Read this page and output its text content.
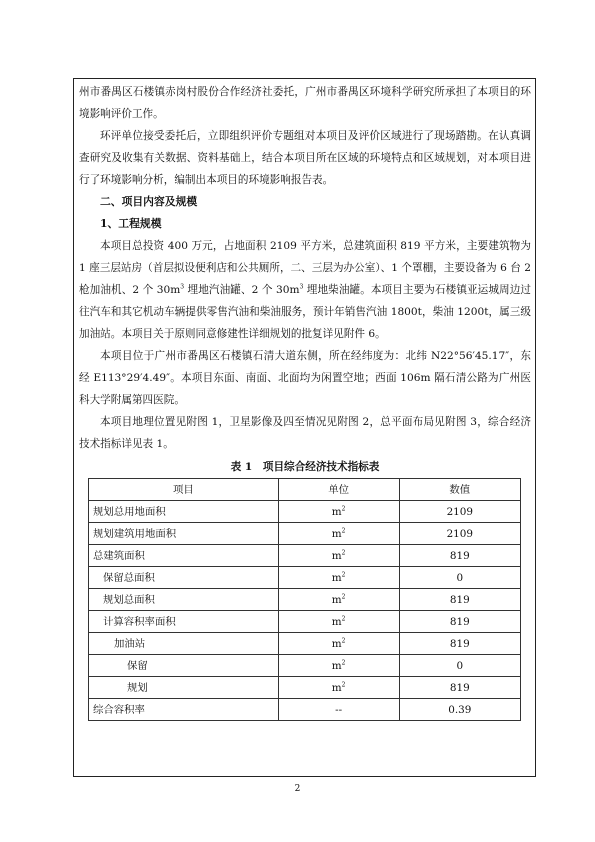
州市番禺区石楼镇赤岗村股份合作经济社委托，广州市番禺区环境科学研究所承担了本项目的环境影响评价工作。

环评单位接受委托后，立即组织评价专题组对本项目及评价区域进行了现场踏勘。在认真调查研究及收集有关数据、资料基础上，结合本项目所在区域的环境特点和区域规划，对本项目进行了环境影响分析，编制出本项目的环境影响报告表。

二、项目内容及规模

1、工程规模

本项目总投资 400 万元，占地面积 2109 平方米，总建筑面积 819 平方米，主要建筑物为 1 座三层站房（首层拟设便利店和公共厕所，二、三层为办公室）、1 个罩棚，主要设备为 6 台 2 枪加油机、2 个 $30m^3$ 埋地汽油罐、2 个 $30m^3$ 埋地柴油罐。本项目主要为石楼镇亚运城周边过往汽车和其它机动车辆提供零售汽油和柴油服务，预计年销售汽油 1800t，柴油 1200t，属三级加油站。本项目关于原则同意修建性详细规划的批复详见附件 6。

本项目位于广州市番禺区石楼镇石清大道东侧，所在经纬度为：北纬 N22°56′45.17″，东经 E113°29′4.49″。本项目东面、南面、北面均为闲置空地；西面 106m 隔石清公路为广州医科大学附属第四医院。

本项目地理位置见附图 1，卫星影像及四至情况见附图 2，总平面布局见附图 3，综合经济技术指标详见表 1。

表 1　项目综合经济技术指标表
项目	单位	数值
规划总用地面积	$m^2$	2109
规划建筑用地面积	$m^2$	2109
总建筑面积	$m^2$	819
保留总面积	$m^2$	0
规划总面积	$m^2$	819
计算容积率面积	$m^2$	819
加油站	$m^2$	819
保留	$m^2$	0
规划	$m^2$	819
综合容积率	--	0.39
2
